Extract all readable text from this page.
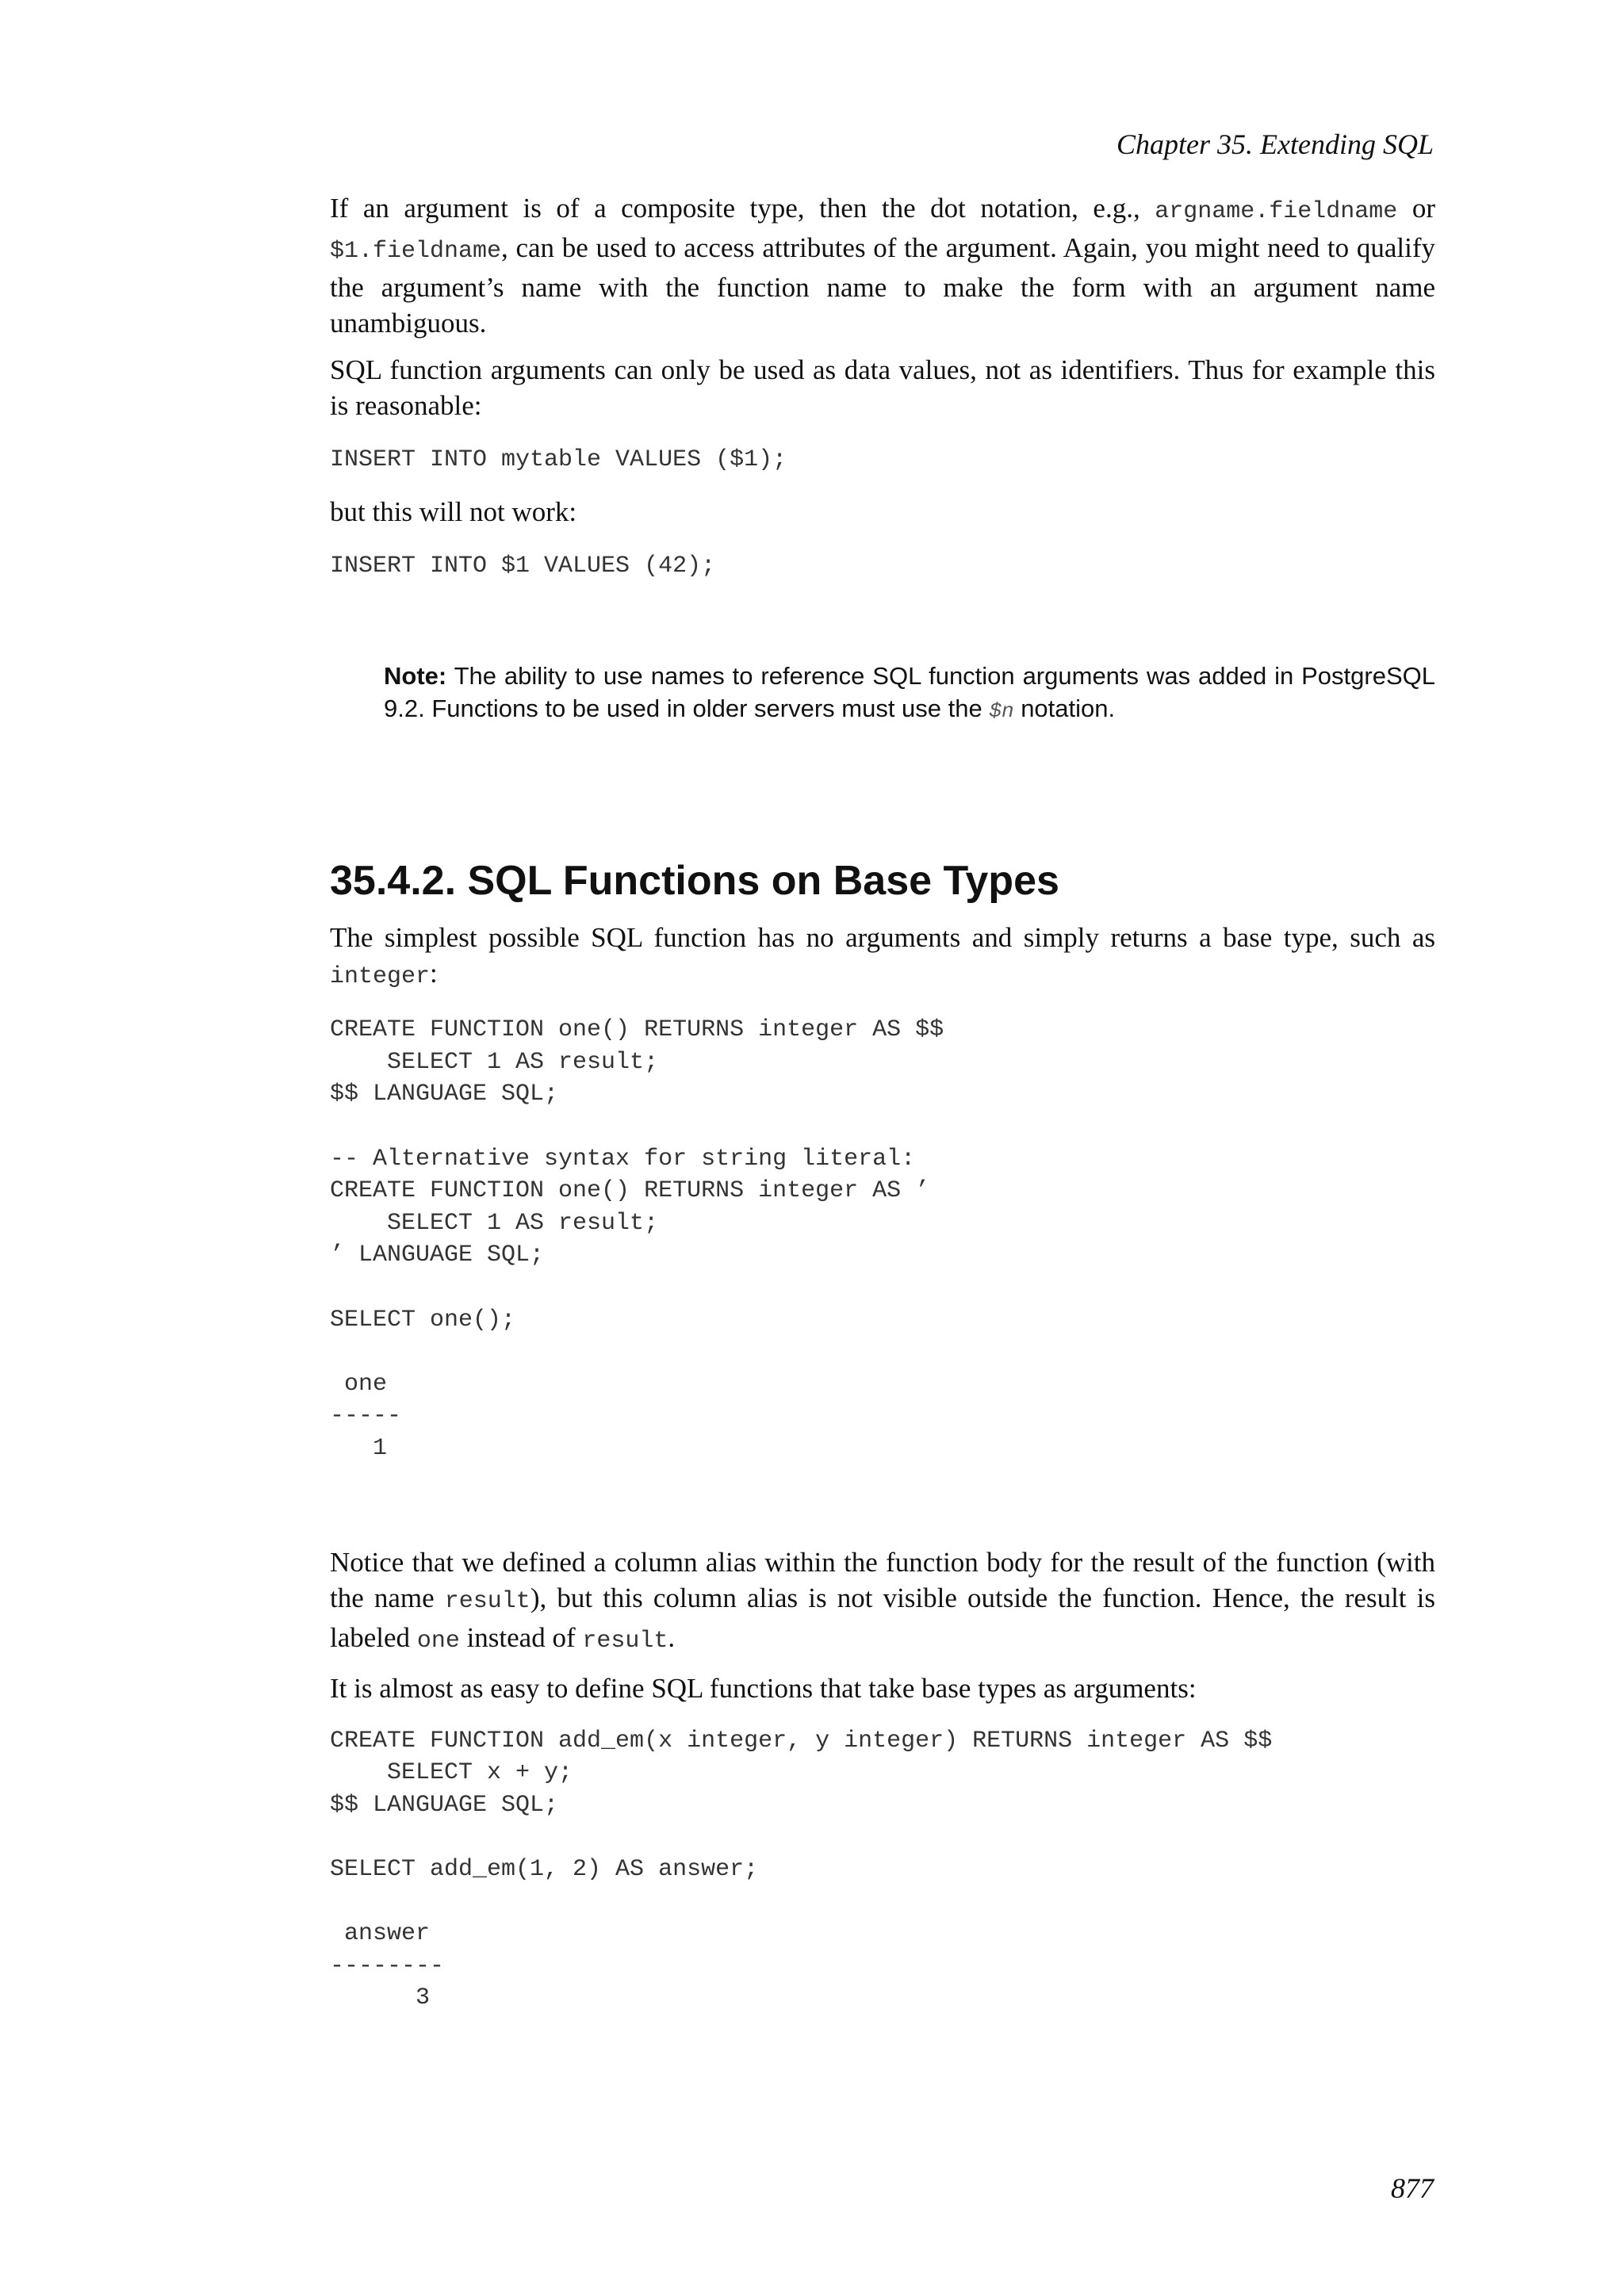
Chapter 35. Extending SQL

If an argument is of a composite type, then the dot notation, e.g., argname.fieldname or $1.fieldname, can be used to access attributes of the argument. Again, you might need to qualify the argument’s name with the function name to make the form with an argument name unambiguous.

SQL function arguments can only be used as data values, not as identifiers. Thus for example this is reasonable:

INSERT INTO mytable VALUES ($1);

but this will not work:

INSERT INTO $1 VALUES (42);

Note: The ability to use names to reference SQL function arguments was added in PostgreSQL 9.2. Functions to be used in older servers must use the $n notation.

35.4.2. SQL Functions on Base Types

The simplest possible SQL function has no arguments and simply returns a base type, such as integer:

CREATE FUNCTION one() RETURNS integer AS $$
SELECT 1 AS result;
$$ LANGUAGE SQL;

-- Alternative syntax for string literal:
CREATE FUNCTION one() RETURNS integer AS ’
SELECT 1 AS result;
’ LANGUAGE SQL;

SELECT one();

one
-----
1

Notice that we defined a column alias within the function body for the result of the function (with the name result), but this column alias is not visible outside the function. Hence, the result is labeled one instead of result.

It is almost as easy to define SQL functions that take base types as arguments:

CREATE FUNCTION add_em(x integer, y integer) RETURNS integer AS $$
SELECT x + y;
$$ LANGUAGE SQL;

SELECT add_em(1, 2) AS answer;

answer
--------
3
877
